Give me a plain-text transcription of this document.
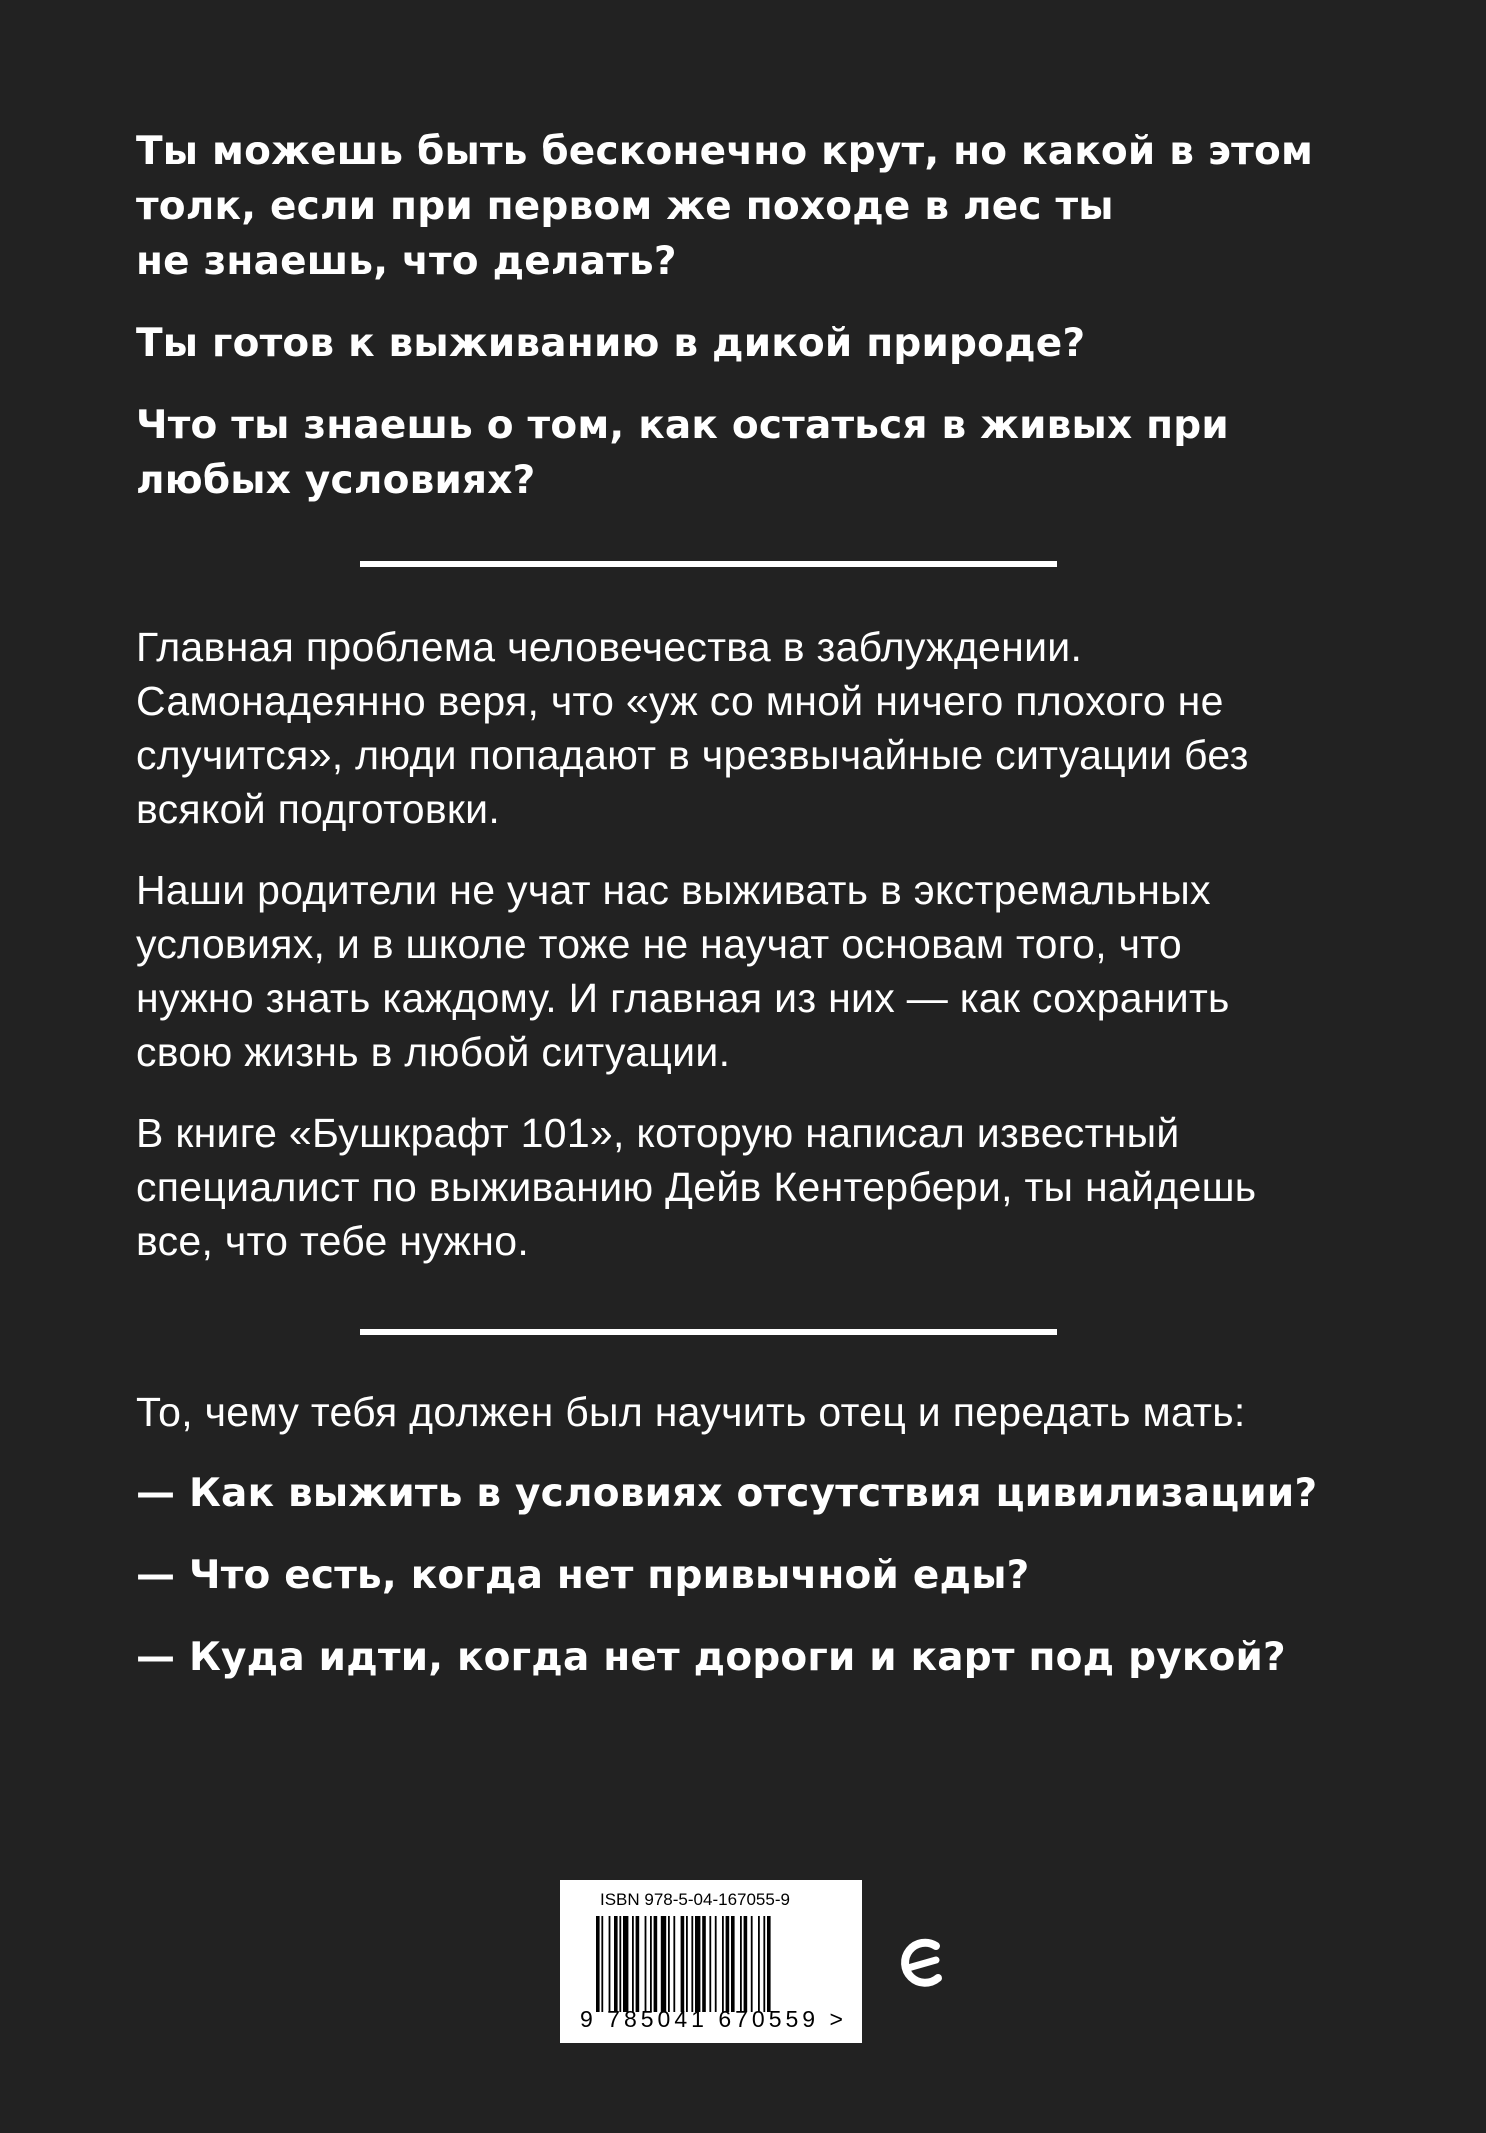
Ты можешь быть бесконечно крут, но какой в этом
толк, если при первом же походе в лес ты
не знаешь, что делать?

Ты готов к выживанию в дикой природе?

Что ты знаешь о том, как остаться в живых при
любых условиях?

Главная проблема человечества в заблуждении.
Самонадеянно веря, что «уж со мной ничего плохого не
случится», люди попадают в чрезвычайные ситуации без
всякой подготовки.

Наши родители не учат нас выживать в экстремальных
условиях, и в школе тоже не научат основам того, что
нужно знать каждому. И главная из них — как сохранить
свою жизнь в любой ситуации.

В книге «Бушкрафт 101», которую написал известный
специалист по выживанию Дейв Кентербери, ты найдешь
все, что тебе нужно.

То, чему тебя должен был научить отец и передать мать:

— Как выжить в условиях отсутствия цивилизации?

— Что есть, когда нет привычной еды?

— Куда идти, когда нет дороги и карт под рукой?

ISBN 978-5-04-167055-9
9 785041 670559 >
